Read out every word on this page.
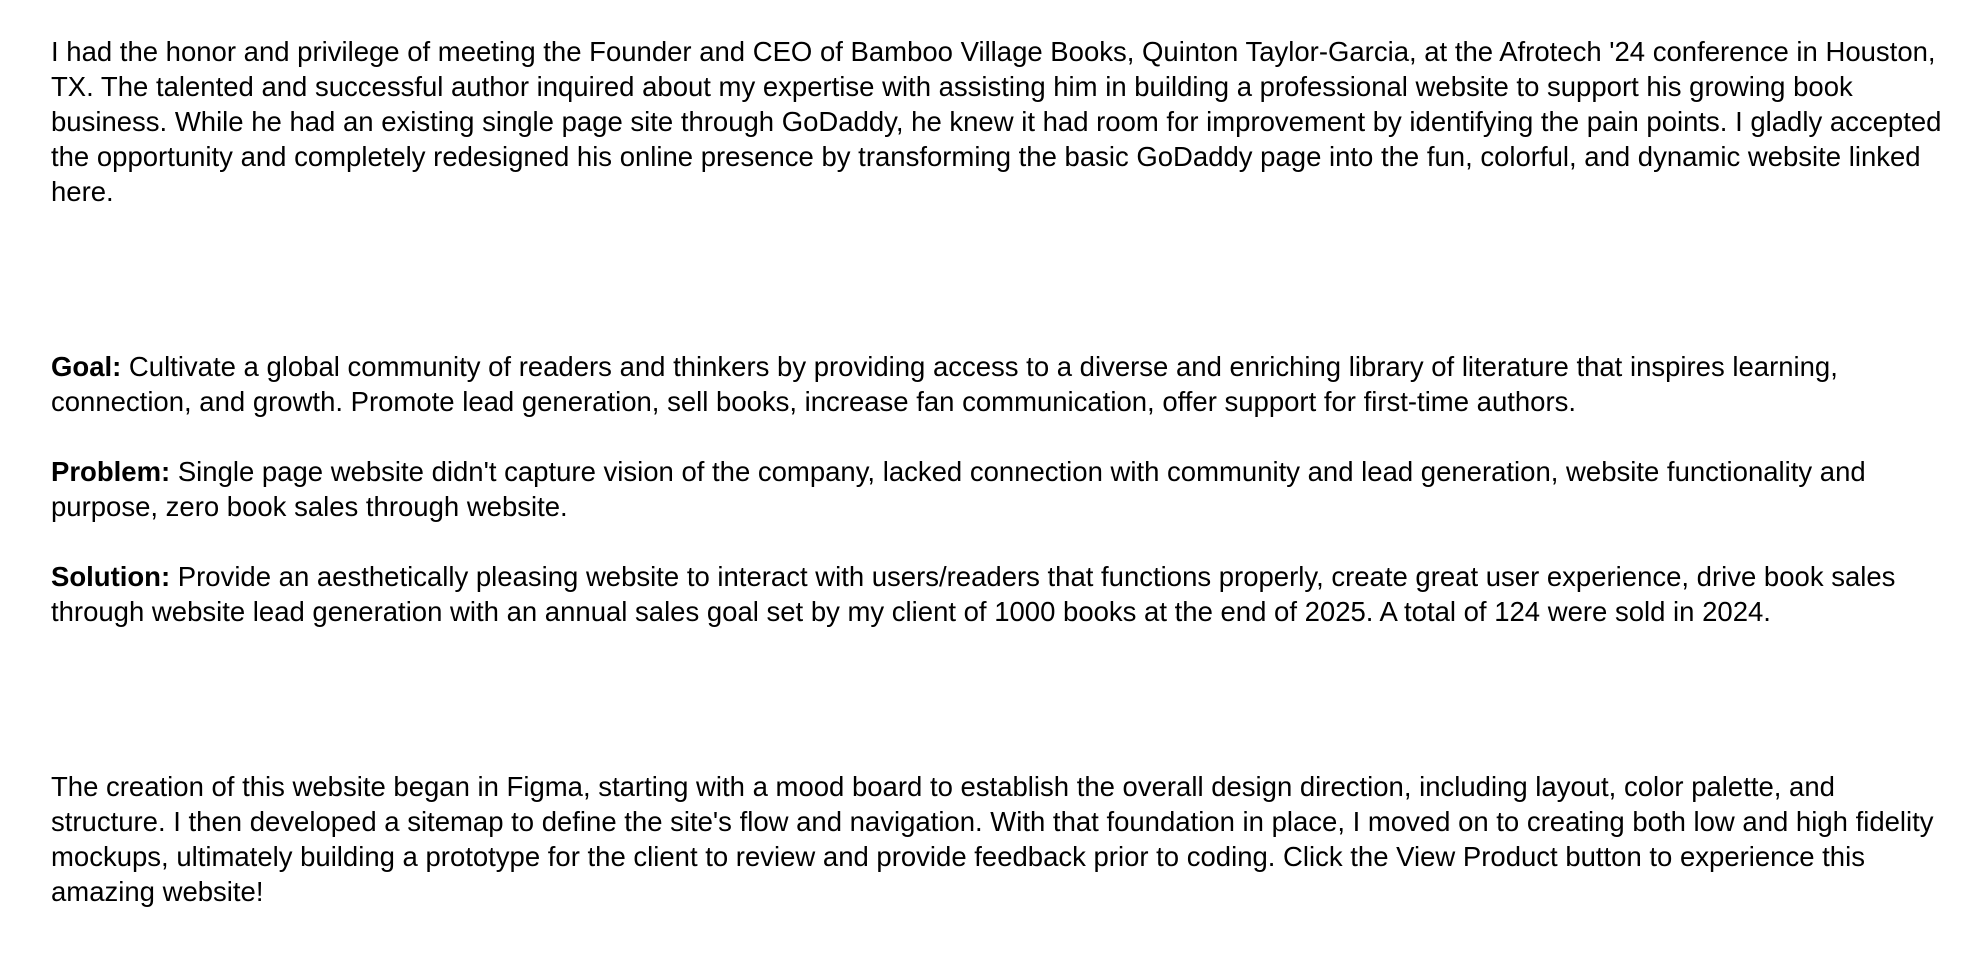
I had the honor and privilege of meeting the Founder and CEO of Bamboo Village Books, Quinton Taylor-Garcia, at the Afrotech '24 conference in Houston, TX. The talented and successful author inquired about my expertise with assisting him in building a professional website to support his growing book business. While he had an existing single page site through GoDaddy, he knew it had room for improvement by identifying the pain points. I gladly accepted the opportunity and completely redesigned his online presence by transforming the basic GoDaddy page into the fun, colorful, and dynamic website linked here.

Goal: Cultivate a global community of readers and thinkers by providing access to a diverse and enriching library of literature that inspires learning, connection, and growth. Promote lead generation, sell books, increase fan communication, offer support for first-time authors.

Problem: Single page website didn't capture vision of the company, lacked connection with community and lead generation, website functionality and purpose, zero book sales through website.

Solution: Provide an aesthetically pleasing website to interact with users/readers that functions properly, create great user experience, drive book sales through website lead generation with an annual sales goal set by my client of 1000 books at the end of 2025. A total of 124 were sold in 2024.

The creation of this website began in Figma, starting with a mood board to establish the overall design direction, including layout, color palette, and structure. I then developed a sitemap to define the site's flow and navigation. With that foundation in place, I moved on to creating both low and high fidelity mockups, ultimately building a prototype for the client to review and provide feedback prior to coding. Click the View Product button to experience this amazing website!
